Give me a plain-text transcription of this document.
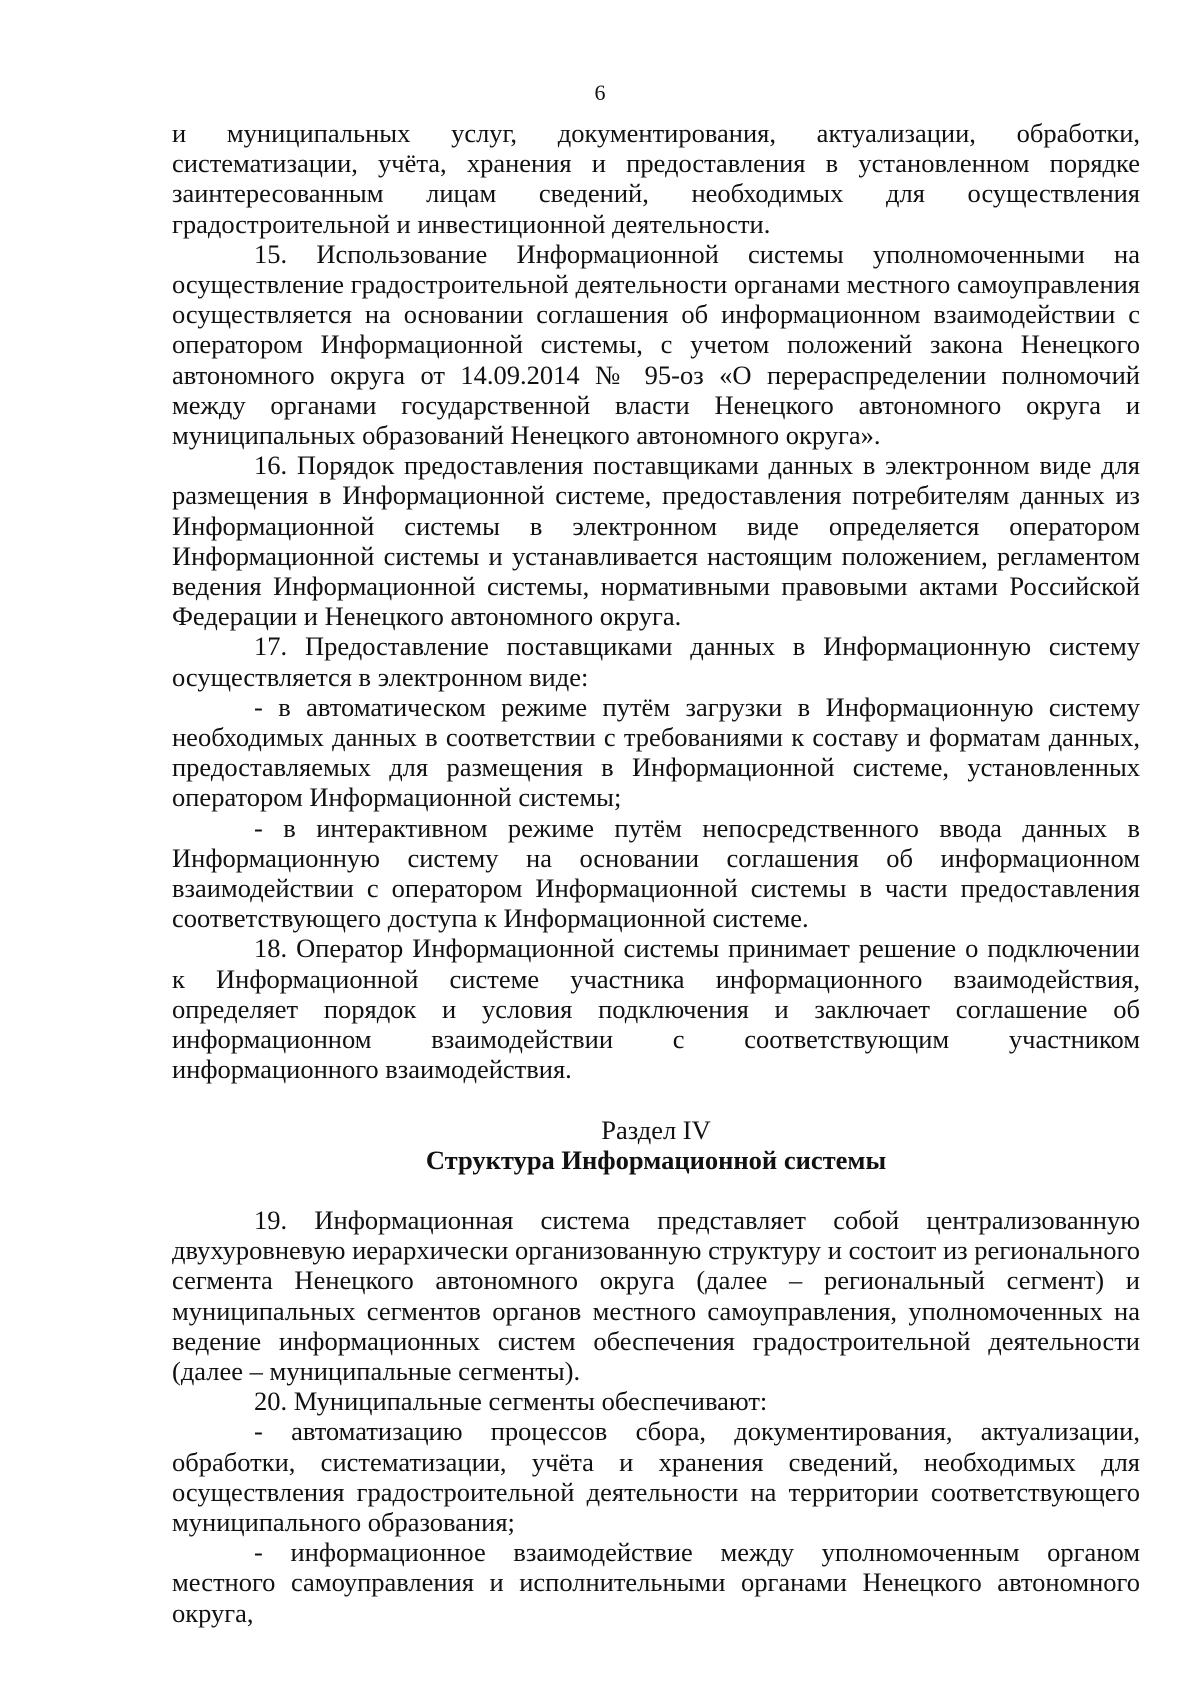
6

и муниципальных услуг, документирования, актуализации, обработки, систематизации, учёта, хранения и предоставления в установленном порядке заинтересованным лицам сведений, необходимых для осуществления градостроительной и инвестиционной деятельности.

15. Использование Информационной системы уполномоченными на осуществление градостроительной деятельности органами местного самоуправления осуществляется на основании соглашения об информационном взаимодействии с оператором Информационной системы, с учетом положений закона Ненецкого автономного округа от 14.09.2014 № 95-оз «О перераспределении полномочий между органами государственной власти Ненецкого автономного округа и муниципальных образований Ненецкого автономного округа».

16. Порядок предоставления поставщиками данных в электронном виде для размещения в Информационной системе, предоставления потребителям данных из Информационной системы в электронном виде определяется оператором Информационной системы и устанавливается настоящим положением, регламентом ведения Информационной системы, нормативными правовыми актами Российской Федерации и Ненецкого автономного округа.

17. Предоставление поставщиками данных в Информационную систему осуществляется в электронном виде:

- в автоматическом режиме путём загрузки в Информационную систему необходимых данных в соответствии с требованиями к составу и форматам данных, предоставляемых для размещения в Информационной системе, установленных оператором Информационной системы;

- в интерактивном режиме путём непосредственного ввода данных в Информационную систему на основании соглашения об информационном взаимодействии с оператором Информационной системы в части предоставления соответствующего доступа к Информационной системе.

18. Оператор Информационной системы принимает решение о подключении к Информационной системе участника информационного взаимодействия, определяет порядок и условия подключения и заключает соглашение об информационном взаимодействии с соответствующим участником информационного взаимодействия.

Раздел IV

Структура Информационной системы

19. Информационная система представляет собой централизованную двухуровневую иерархически организованную структуру и состоит из регионального сегмента Ненецкого автономного округа (далее – региональный сегмент) и муниципальных сегментов органов местного самоуправления, уполномоченных на ведение информационных систем обеспечения градостроительной деятельности (далее – муниципальные сегменты).

20. Муниципальные сегменты обеспечивают:

- автоматизацию процессов сбора, документирования, актуализации, обработки, систематизации, учёта и хранения сведений, необходимых для осуществления градостроительной деятельности на территории соответствующего муниципального образования;

- информационное взаимодействие между уполномоченным органом местного самоуправления и исполнительными органами Ненецкого автономного округа,
